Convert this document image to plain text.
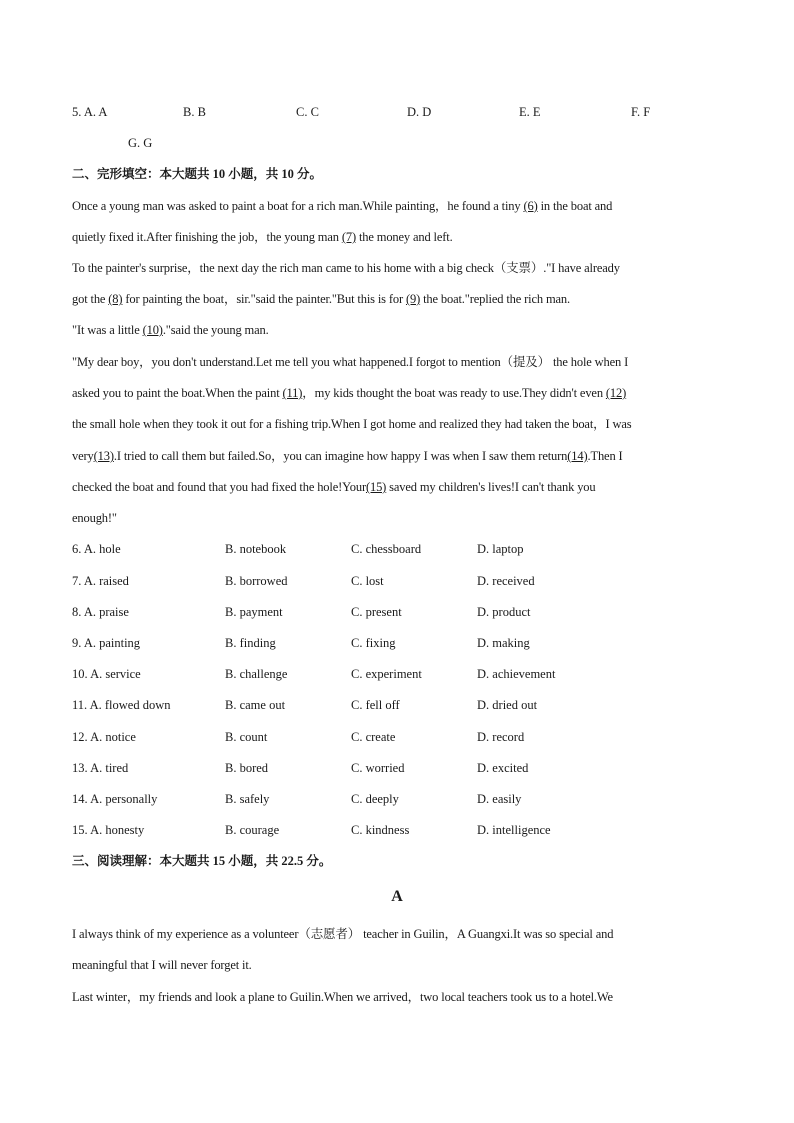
5. A. A	B. B	C. C	D. D	E. E	F. F
G. G
二、完形填空：本大题共 10 小题，共 10 分。
Once a young man was asked to paint a boat for a rich man.While painting，he found a tiny (6) in the boat and
quietly fixed it.After finishing the job，the young man (7) the money and left.
To the painter's surprise，the next day the rich man came to his home with a big check（支票）."I have already
got the (8) for painting the boat，sir."said the painter."But this is for (9) the boat."replied the rich man.
"It was a little (10)."said the young man.
"My dear boy，you don't understand.Let me tell you what happened.I forgot to mention（提及） the hole when I
asked you to paint the boat.When the paint (11)，my kids thought the boat was ready to use.They didn't even (12)
the small hole when they took it out for a fishing trip.When I got home and realized they had taken the boat，I was
very(13).I tried to call them but failed.So，you can imagine how happy I was when I saw them return(14).Then I
checked the boat and found that you had fixed the hole!Your(15) saved my children's lives!I can't thank you
enough!"
6. A. hole	B. notebook	C. chessboard	D. laptop
7. A. raised	B. borrowed	C. lost	D. received
8. A. praise	B. payment	C. present	D. product
9. A. painting	B. finding	C. fixing	D. making
10. A. service	B. challenge	C. experiment	D. achievement
11. A. flowed down	B. came out	C. fell off	D. dried out
12. A. notice	B. count	C. create	D. record
13. A. tired	B. bored	C. worried	D. excited
14. A. personally	B. safely	C. deeply	D. easily
15. A. honesty	B. courage	C. kindness	D. intelligence
三、阅读理解：本大题共 15 小题，共 22.5 分。
A
I always think of my experience as a volunteer（志愿者） teacher in Guilin，A Guangxi.It was so special and
meaningful that I will never forget it.
Last winter，my friends and look a plane to Guilin.When we arrived，two local teachers took us to a hotel.We
